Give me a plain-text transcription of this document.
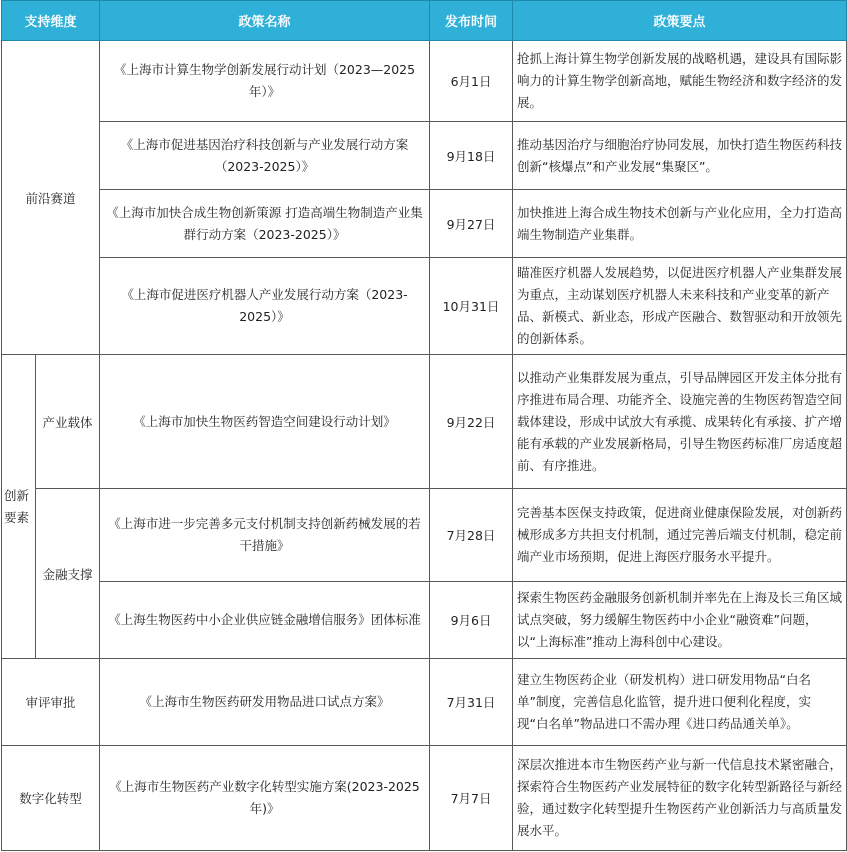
支持维度		政策名称	发布时间	政策要点
前沿赛道		《上海市计算生物学创新发展行动计划（2023—2025年）》	6月1日	抢抓上海计算生物学创新发展的战略机遇，建设具有国际影响力的计算生物学创新高地，赋能生物经济和数字经济的发展。
		《上海市促进基因治疗科技创新与产业发展行动方案（2023-2025）》	9月18日	推动基因治疗与细胞治疗协同发展，加快打造生物医药科技创新“核爆点”和产业发展“集聚区”。
		《上海市加快合成生物创新策源 打造高端生物制造产业集群行动方案（2023-2025）》	9月27日	加快推进上海合成生物技术创新与产业化应用，全力打造高端生物制造产业集群。
		《上海市促进医疗机器人产业发展行动方案（2023-2025）》	10月31日	瞄准医疗机器人发展趋势，以促进医疗机器人产业集群发展为重点，主动谋划医疗机器人未来科技和产业变革的新产品、新模式、新业态，形成产医融合、数智驱动和开放领先的创新体系。
创新要素	产业载体	《上海市加快生物医药智造空间建设行动计划》	9月22日	以推动产业集群发展为重点，引导品牌园区开发主体分批有序推进布局合理、功能齐全、设施完善的生物医药智造空间载体建设，形成中试放大有承揽、成果转化有承接、扩产增能有承载的产业发展新格局，引导生物医药标准厂房适度超前、有序推进。
	金融支撑	《上海市进一步完善多元支付机制支持创新药械发展的若干措施》	7月28日	完善基本医保支持政策，促进商业健康保险发展，对创新药械形成多方共担支付机制，通过完善后端支付机制，稳定前端产业市场预期，促进上海医疗服务水平提升。
		《上海生物医药中小企业供应链金融增信服务》团体标准	9月6日	探索生物医药金融服务创新机制并率先在上海及长三角区域试点突破，努力缓解生物医药中小企业“融资难”问题，以“上海标准”推动上海科创中心建设。
审评审批		《上海市生物医药研发用物品进口试点方案》	7月31日	建立生物医药企业（研发机构）进口研发用物品“白名单”制度，完善信息化监管，提升进口便利化程度，实现“白名单”物品进口不需办理《进口药品通关单》。
数字化转型		《上海市生物医药产业数字化转型实施方案(2023-2025年)》	7月7日	深层次推进本市生物医药产业与新一代信息技术紧密融合，探索符合生物医药产业发展特征的数字化转型新路径与新经验，通过数字化转型提升生物医药产业创新活力与高质量发展水平。
